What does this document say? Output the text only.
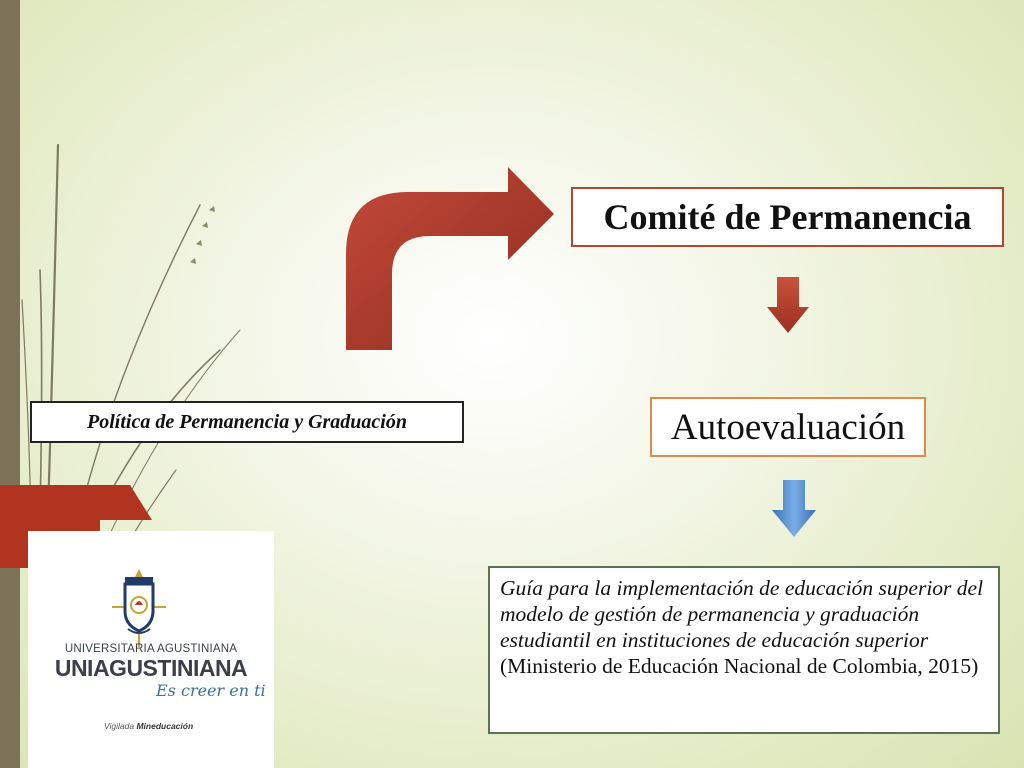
Comité de Permanencia
Política de Permanencia y Graduación	Autoevaluación
Guía para la implementación de educación superior del modelo de gestión de permanencia y graduación estudiantil en instituciones de educación superior (Ministerio de Educación Nacional de Colombia, 2015)
UNIVERSITARIA AGUSTINIANA
UNIAGUSTINIANA
Es creer en ti
Vigilada Mineducación
